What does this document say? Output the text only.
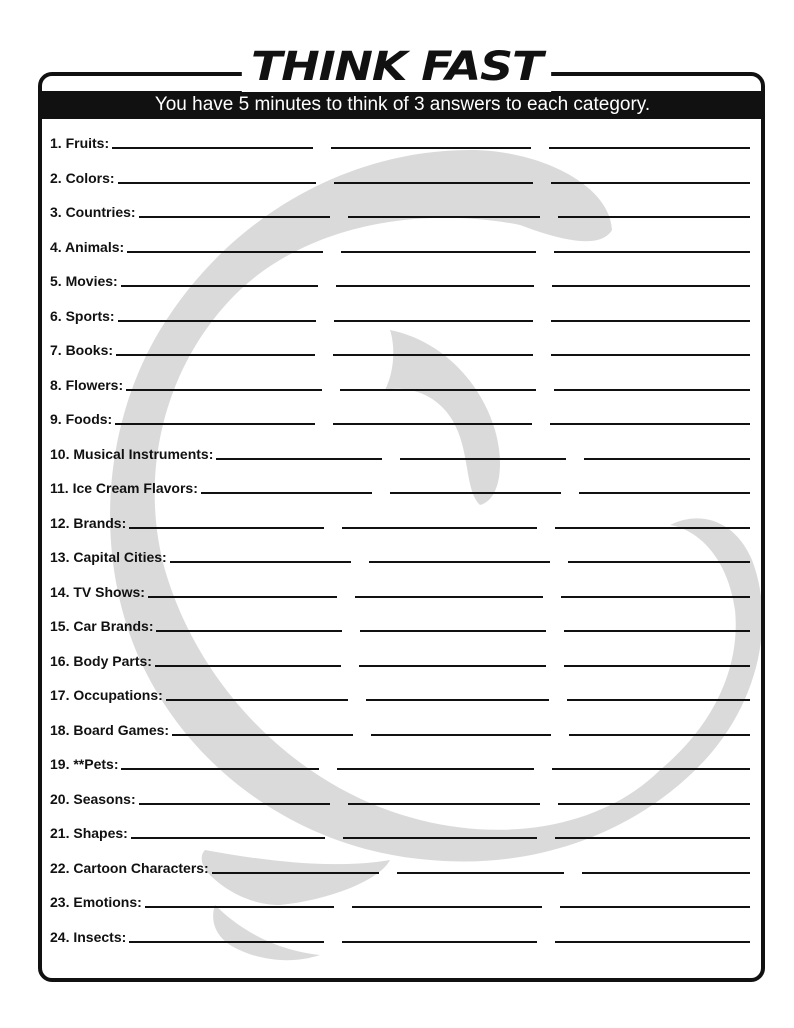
THINK FAST
You have 5 minutes to think of 3 answers to each category.
1. Fruits:
2. Colors:
3. Countries:
4. Animals:
5. Movies:
6. Sports:
7. Books:
8. Flowers:
9. Foods:
10. Musical Instruments:
11. Ice Cream Flavors:
12. Brands:
13. Capital Cities:
14. TV Shows:
15. Car Brands:
16. Body Parts:
17. Occupations:
18. Board Games:
19. **Pets:
20. Seasons:
21. Shapes:
22. Cartoon Characters:
23. Emotions:
24. Insects:
